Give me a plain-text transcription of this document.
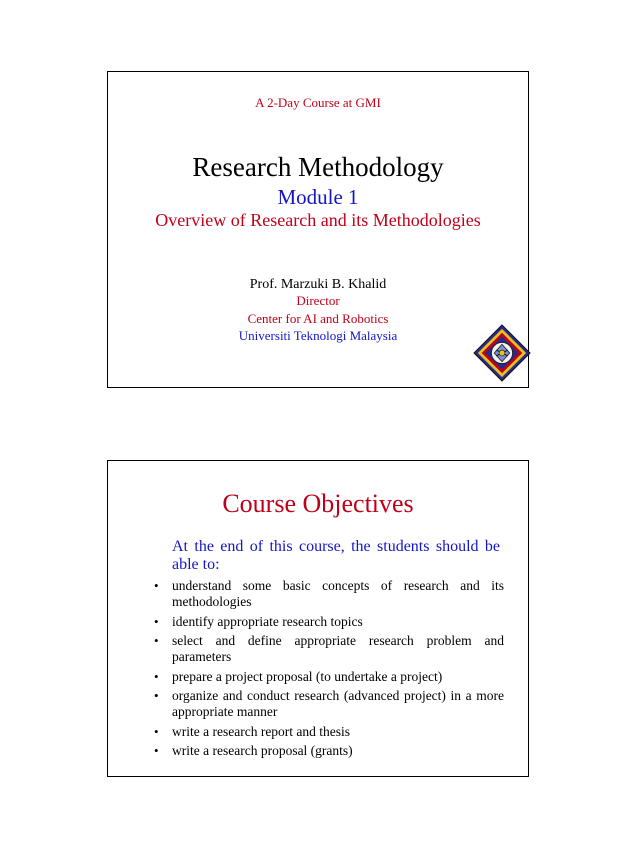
A 2-Day Course at GMI
Research Methodology
Module 1
Overview of Research and its Methodologies
Prof. Marzuki B. Khalid
Director
Center for AI and Robotics
Universiti Teknologi Malaysia
Course Objectives
At the end of this course, the students should be able to:
• understand some basic concepts of research and its methodologies
• identify appropriate research topics
• select and define appropriate research problem and parameters
• prepare a project proposal (to undertake a project)
• organize and conduct research (advanced project) in a more appropriate manner
• write a research report and thesis
• write a research proposal (grants)
